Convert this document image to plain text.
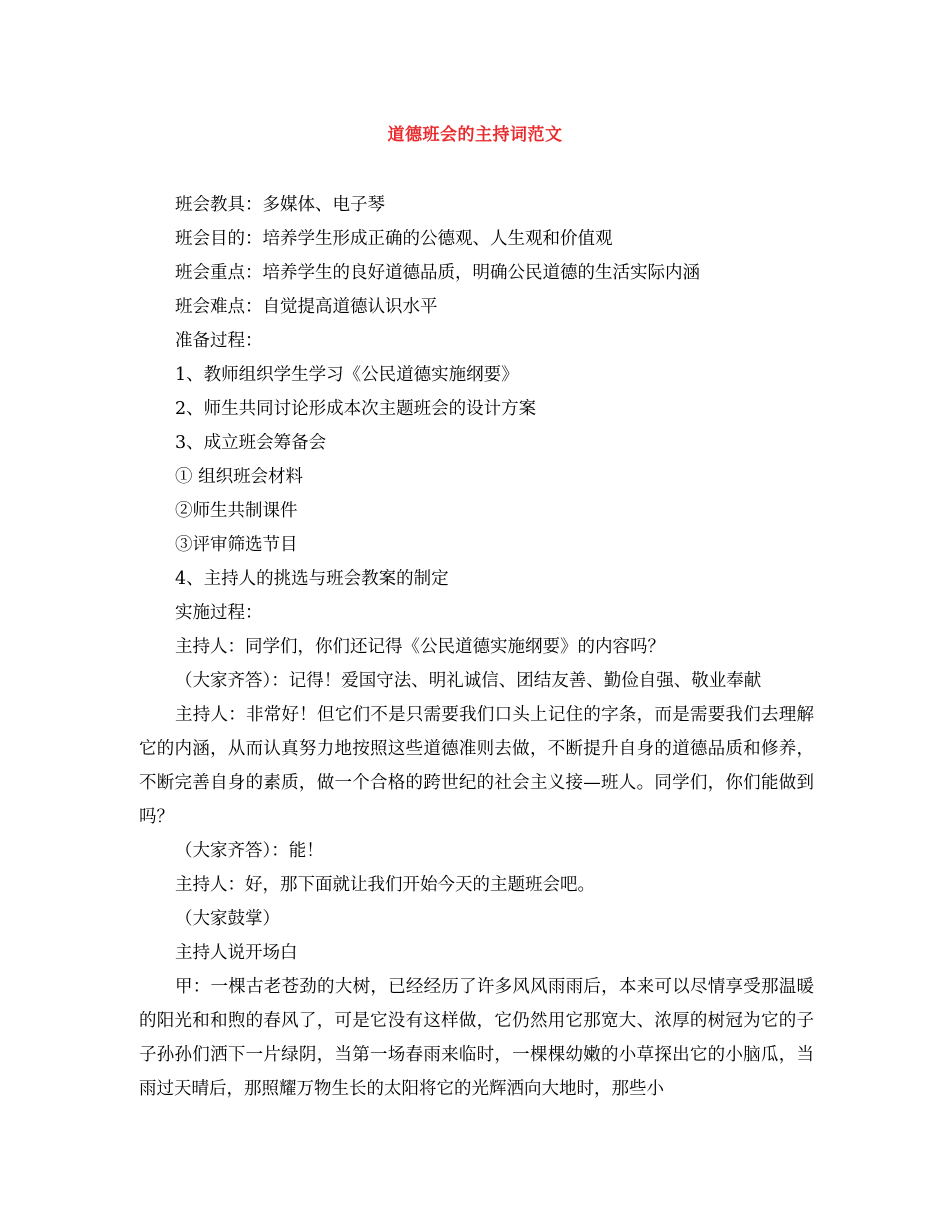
道德班会的主持词范文

班会教具：多媒体、电子琴

班会目的：培养学生形成正确的公德观、人生观和价值观

班会重点：培养学生的良好道德品质，明确公民道德的生活实际内涵

班会难点：自觉提高道德认识水平

准备过程：

1、教师组织学生学习《公民道德实施纲要》

2、师生共同讨论形成本次主题班会的设计方案

3、成立班会筹备会

① 组织班会材料

②师生共制课件

③评审筛选节目

4、主持人的挑选与班会教案的制定

实施过程：

主持人：同学们，你们还记得《公民道德实施纲要》的内容吗？

（大家齐答）：记得！爱国守法、明礼诚信、团结友善、勤俭自强、敬业奉献

主持人：非常好！但它们不是只需要我们口头上记住的字条，而是需要我们去理解它的内涵，从而认真努力地按照这些道德准则去做，不断提升自身的道德品质和修养，不断完善自身的素质，做一个合格的跨世纪的社会主义接—班人。同学们，你们能做到吗？

（大家齐答）：能！

主持人：好，那下面就让我们开始今天的主题班会吧。

（大家鼓掌）

主持人说开场白

甲：一棵古老苍劲的大树，已经经历了许多风风雨雨后，本来可以尽情享受那温暖的阳光和和煦的春风了，可是它没有这样做，它仍然用它那宽大、浓厚的树冠为它的子子孙孙们洒下一片绿阴，当第一场春雨来临时，一棵棵幼嫩的小草探出它的小脑瓜，当雨过天晴后，那照耀万物生长的太阳将它的光辉洒向大地时，那些小
